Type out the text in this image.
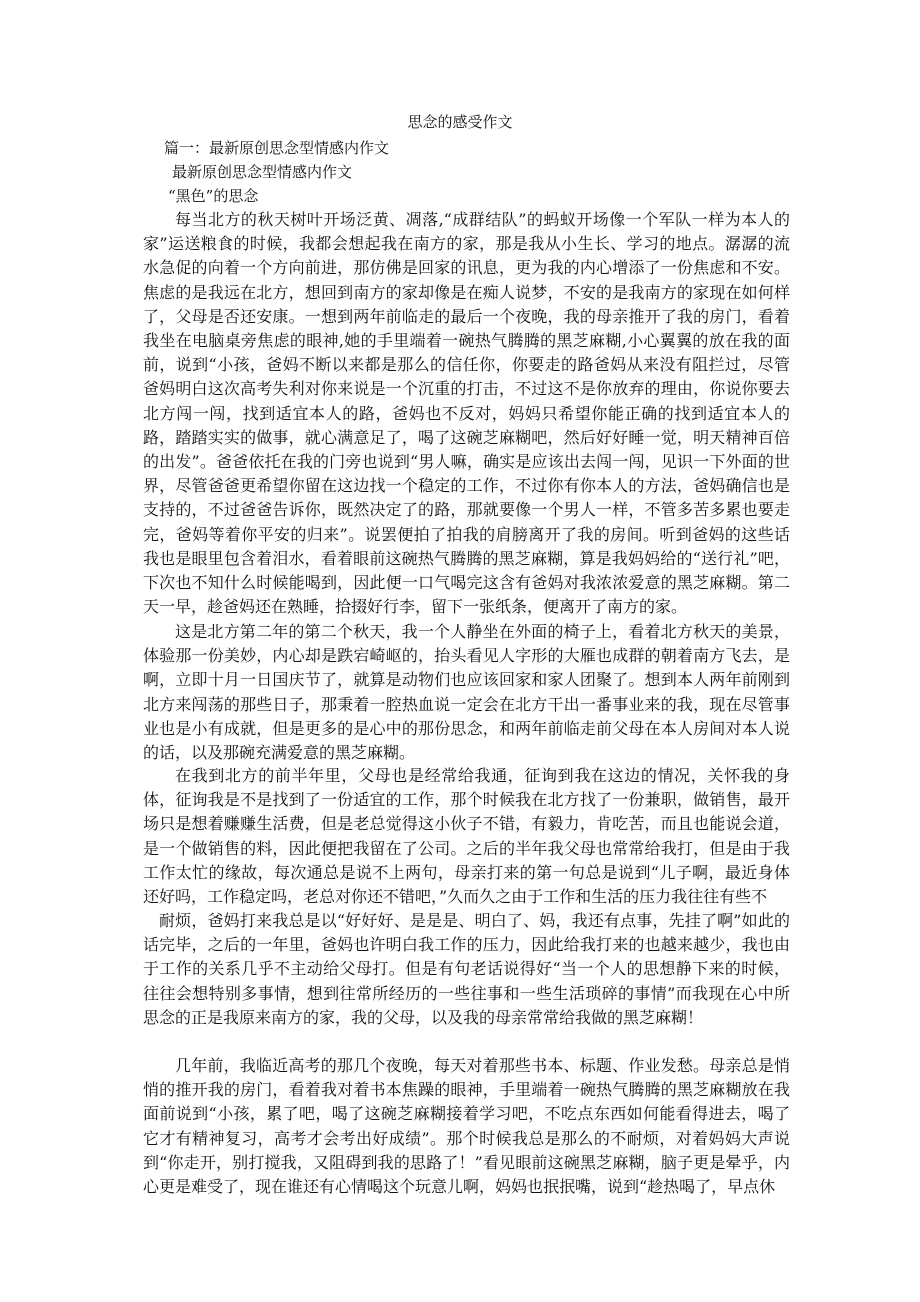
思念的感受作文
篇一：最新原创思念型情感内作文
最新原创思念型情感内作文
“黑色”的思念

每当北方的秋天树叶开场泛黄、凋落,“成群结队”的蚂蚁开场像一个军队一样为本人的家”运送粮食的时候，我都会想起我在南方的家，那是我从小生长、学习的地点。潺潺的流水急促的向着一个方向前进，那仿佛是回家的讯息，更为我的内心增添了一份焦虑和不安。焦虑的是我远在北方，想回到南方的家却像是在痴人说梦，不安的是我南方的家现在如何样了，父母是否还安康。一想到两年前临走的最后一个夜晚，我的母亲推开了我的房门，看着我坐在电脑桌旁焦虑的眼神,她的手里端着一碗热气腾腾的黑芝麻糊,小心翼翼的放在我的面前，说到“小孩，爸妈不断以来都是那么的信任你，你要走的路爸妈从来没有阻拦过，尽管爸妈明白这次高考失利对你来说是一个沉重的打击，不过这不是你放弃的理由，你说你要去北方闯一闯，找到适宜本人的路，爸妈也不反对，妈妈只希望你能正确的找到适宜本人的路，踏踏实实的做事，就心满意足了，喝了这碗芝麻糊吧，然后好好睡一觉，明天精神百倍的出发”。爸爸依托在我的门旁也说到“男人嘛，确实是应该出去闯一闯，见识一下外面的世界，尽管爸爸更希望你留在这边找一个稳定的工作，不过你有你本人的方法，爸妈确信也是支持的，不过爸爸告诉你，既然决定了的路，那就要像一个男人一样，不管多苦多累也要走完，爸妈等着你平安的归来”。说罢便拍了拍我的肩膀离开了我的房间。听到爸妈的这些话我也是眼里包含着泪水，看着眼前这碗热气腾腾的黑芝麻糊，算是我妈妈给的“送行礼”吧，下次也不知什么时候能喝到，因此便一口气喝完这含有爸妈对我浓浓爱意的黑芝麻糊。第二天一早，趁爸妈还在熟睡，拾掇好行李，留下一张纸条，便离开了南方的家。

这是北方第二年的第二个秋天，我一个人静坐在外面的椅子上，看着北方秋天的美景，体验那一份美妙，内心却是跌宕崎岖的，抬头看见人字形的大雁也成群的朝着南方飞去，是啊，立即十月一日国庆节了，就算是动物们也应该回家和家人团聚了。想到本人两年前刚到北方来闯荡的那些日子，那秉着一腔热血说一定会在北方干出一番事业来的我，现在尽管事业也是小有成就，但是更多的是心中的那份思念，和两年前临走前父母在本人房间对本人说的话，以及那碗充满爱意的黑芝麻糊。

在我到北方的前半年里，父母也是经常给我通，征询到我在这边的情况，关怀我的身体，征询我是不是找到了一份适宜的工作，那个时候我在北方找了一份兼职，做销售，最开场只是想着赚赚生活费，但是老总觉得这小伙子不错，有毅力，肯吃苦，而且也能说会道，是一个做销售的料，因此便把我留在了公司。之后的半年我父母也常常给我打，但是由于我工作太忙的缘故，每次通总是说不上两句，母亲打来的第一句总是说到“儿子啊，最近身体还好吗，工作稳定吗，老总对你还不错吧，”久而久之由于工作和生活的压力我往往有些不

耐烦，爸妈打来我总是以“好好好、是是是、明白了、妈，我还有点事，先挂了啊”如此的话完毕，之后的一年里，爸妈也许明白我工作的压力，因此给我打来的也越来越少，我也由于工作的关系几乎不主动给父母打。但是有句老话说得好“当一个人的思想静下来的时候，往往会想特别多事情，想到往常所经历的一些往事和一些生活琐碎的事情”而我现在心中所思念的正是我原来南方的家，我的父母，以及我的母亲常常给我做的黑芝麻糊！

几年前，我临近高考的那几个夜晚，每天对着那些书本、标题、作业发愁。母亲总是悄悄的推开我的房门，看着我对着书本焦躁的眼神，手里端着一碗热气腾腾的黑芝麻糊放在我面前说到“小孩，累了吧，喝了这碗芝麻糊接着学习吧，不吃点东西如何能看得进去，喝了它才有精神复习，高考才会考出好成绩”。那个时候我总是那么的不耐烦，对着妈妈大声说到“你走开，别打搅我，又阻碍到我的思路了！”看见眼前这碗黑芝麻糊，脑子更是晕乎，内心更是难受了，现在谁还有心情喝这个玩意儿啊，妈妈也抿抿嘴，说到“趁热喝了，早点休
